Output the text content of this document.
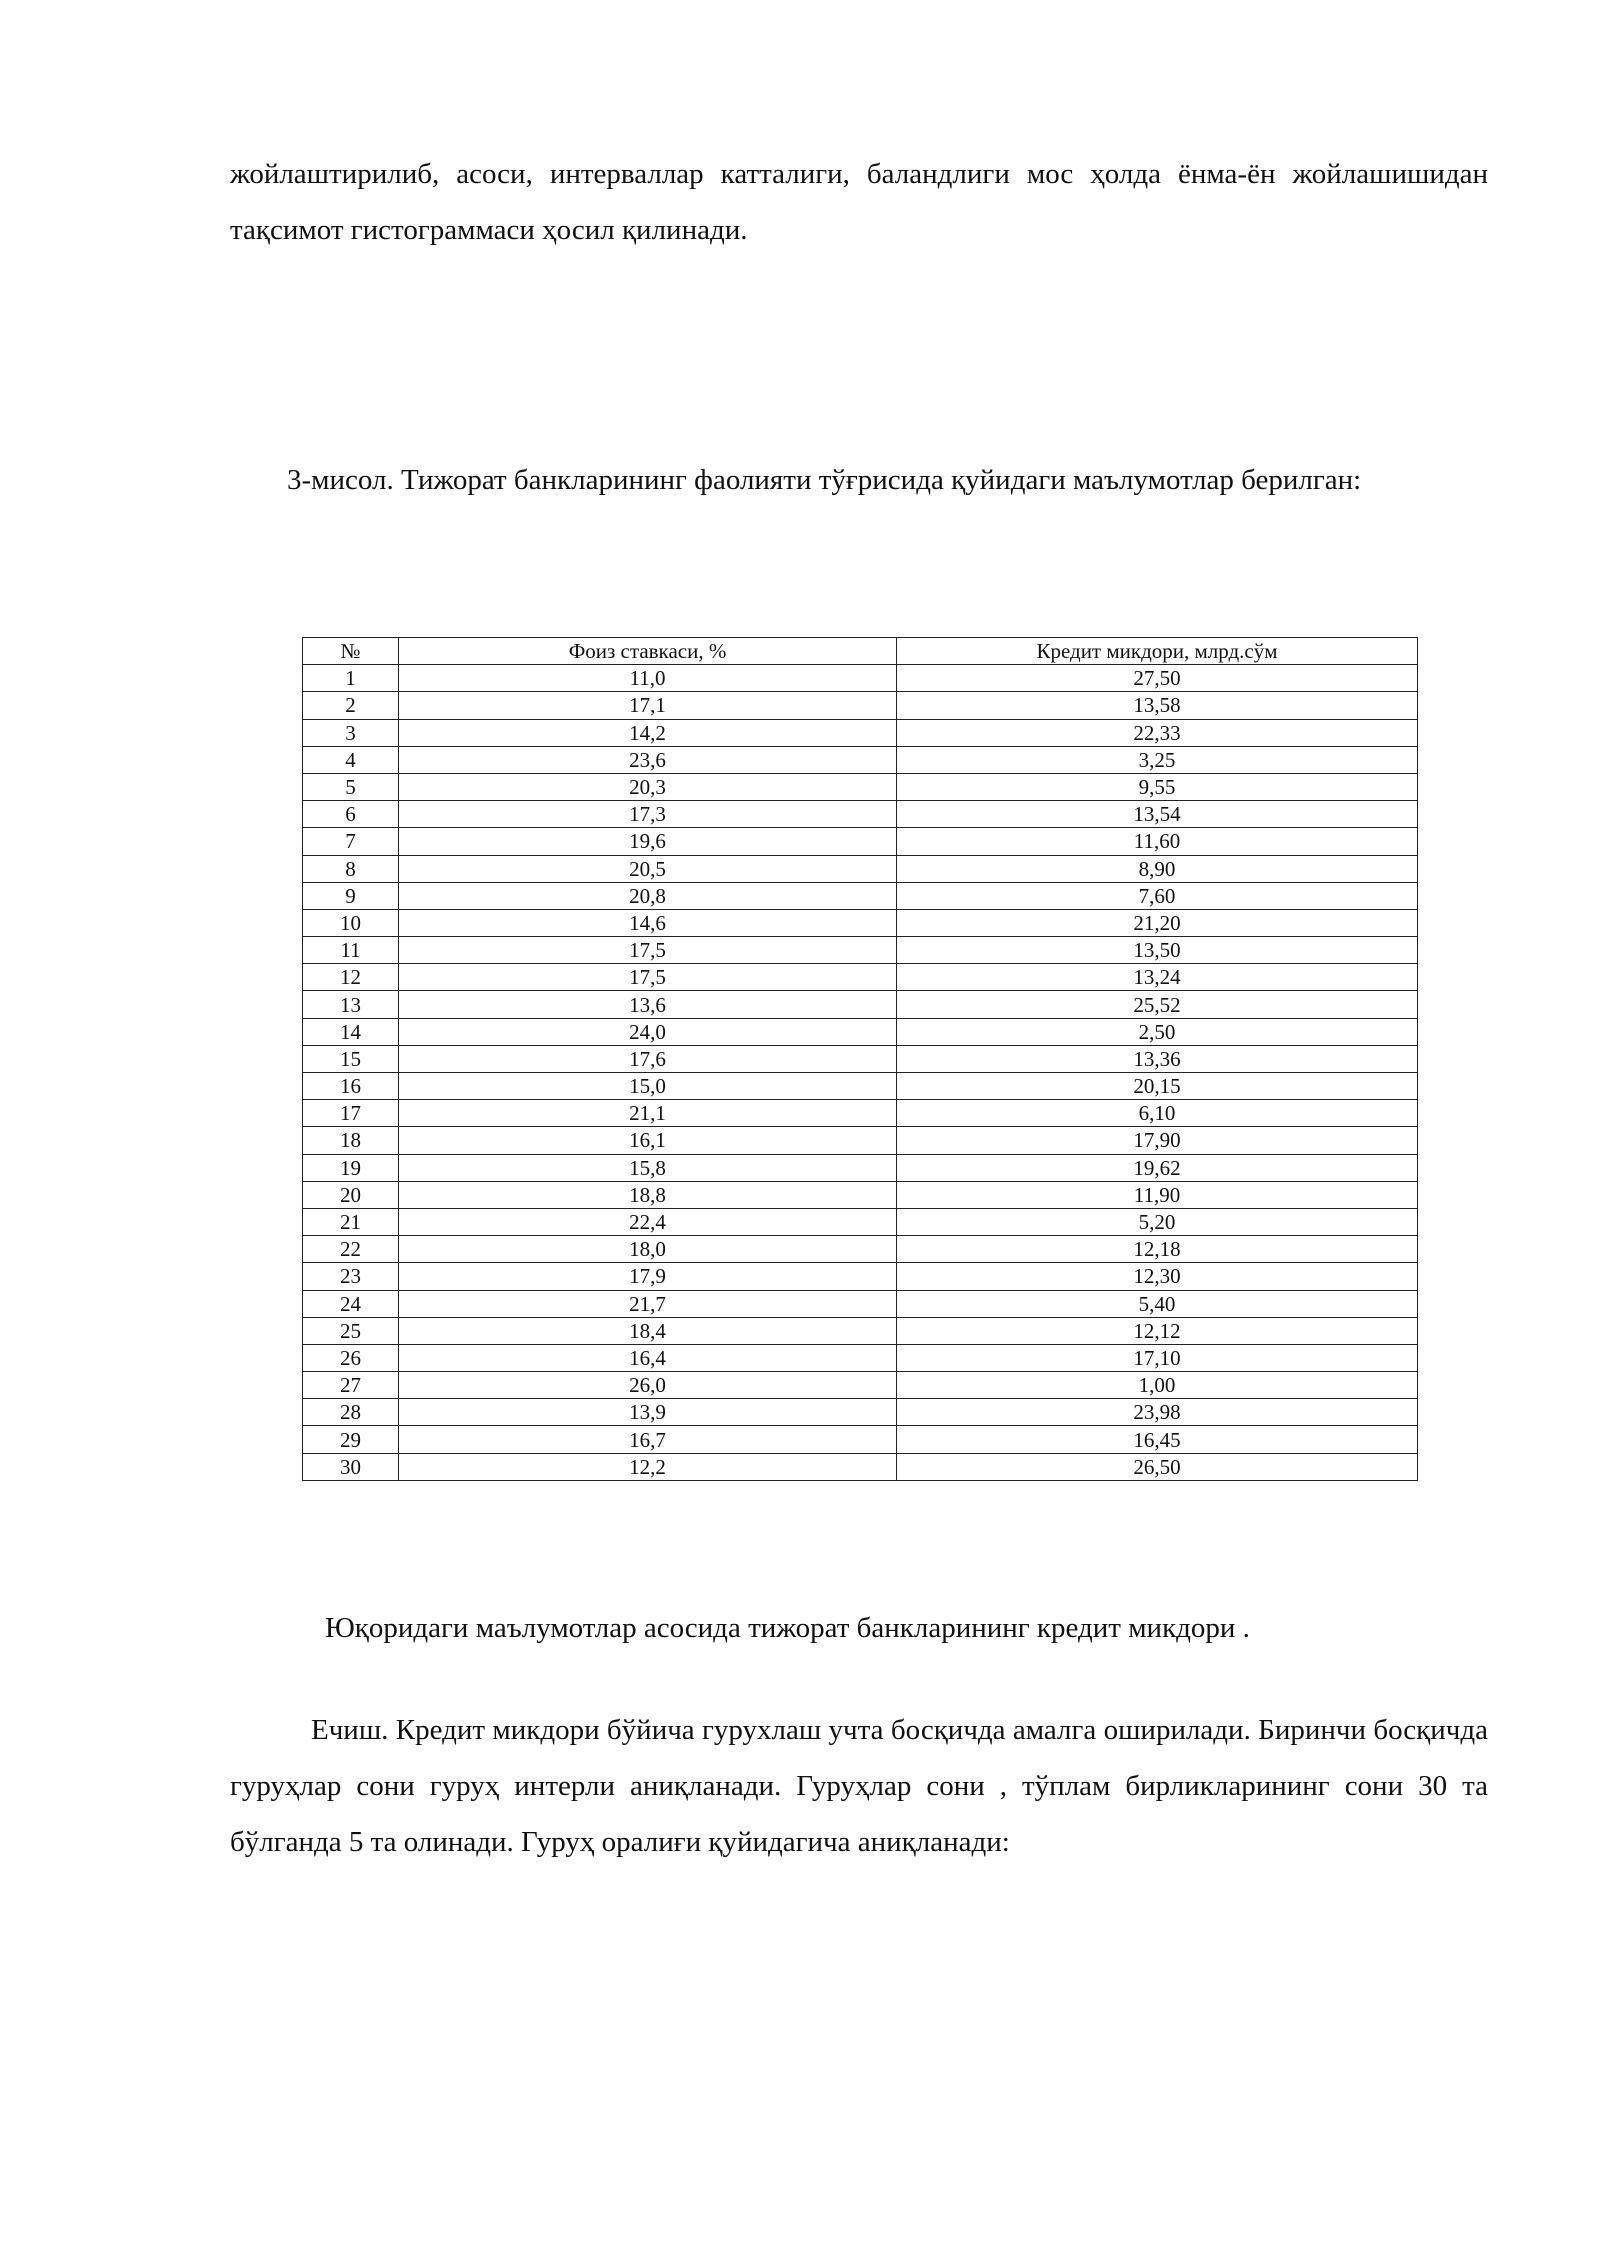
жойлаштирилиб, асоси, интерваллар катталиги, баландлиги мос ҳолда ёнма-ён жойлашишидан тақсимот гистограммаси ҳосил қилинади.

3-мисол. Тижорат банкларининг фаолияти тўғрисида қуйидаги маълумотлар берилган:

№	Фоиз ставкаси, %	Кредит микдори, млрд.сўм
1	11,0	27,50
2	17,1	13,58
3	14,2	22,33
4	23,6	3,25
5	20,3	9,55
6	17,3	13,54
7	19,6	11,60
8	20,5	8,90
9	20,8	7,60
10	14,6	21,20
11	17,5	13,50
12	17,5	13,24
13	13,6	25,52
14	24,0	2,50
15	17,6	13,36
16	15,0	20,15
17	21,1	6,10
18	16,1	17,90
19	15,8	19,62
20	18,8	11,90
21	22,4	5,20
22	18,0	12,18
23	17,9	12,30
24	21,7	5,40
25	18,4	12,12
26	16,4	17,10
27	26,0	1,00
28	13,9	23,98
29	16,7	16,45
30	12,2	26,50

Юқоридаги маълумотлар асосида тижорат банкларининг кредит микдори .

Ечиш. Кредит микдори бўйича гурухлаш учта босқичда амалга оширилади. Биринчи босқичда гуруҳлар сони гуруҳ интерли аниқланади. Гуруҳлар сони , тўплам бирликларининг сони 30 та бўлганда 5 та олинади. Гуруҳ оралиғи қуйидагича аниқланади:
